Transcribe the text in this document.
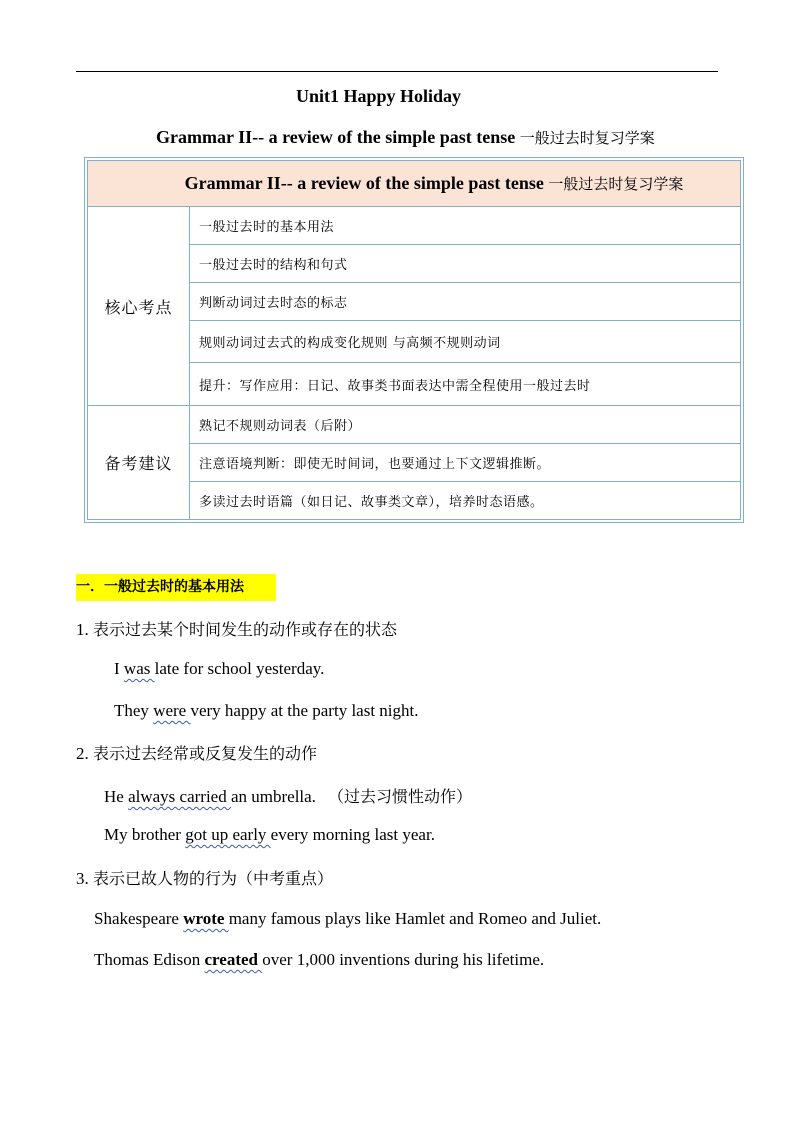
Unit1 Happy Holiday
Grammar II-- a review of the simple past tense 一般过去时复习学案
Grammar II-- a review of the simple past tense 一般过去时复习学案	
核心考点	一般过去时的基本用法
	一般过去时的结构和句式
	判断动词过去时态的标志
	规则动词过去式的构成变化规则 与高频不规则动词
	提升：写作应用：日记、故事类书面表达中需全程使用一般过去时
备考建议	熟记不规则动词表（后附）
	注意语境判断：即使无时间词，也要通过上下文逻辑推断。
	多读过去时语篇（如日记、故事类文章），培养时态语感。
一．一般过去时的基本用法
1. 表示过去某个时间发生的动作或存在的状态
I was late for school yesterday.
They were very happy at the party last night.
2. 表示过去经常或反复发生的动作
He always carried an umbrella. （过去习惯性动作）
My brother got up early every morning last year.
3. 表示已故人物的行为（中考重点）
Shakespeare wrote many famous plays like Hamlet and Romeo and Juliet.
Thomas Edison created over 1,000 inventions during his lifetime.
